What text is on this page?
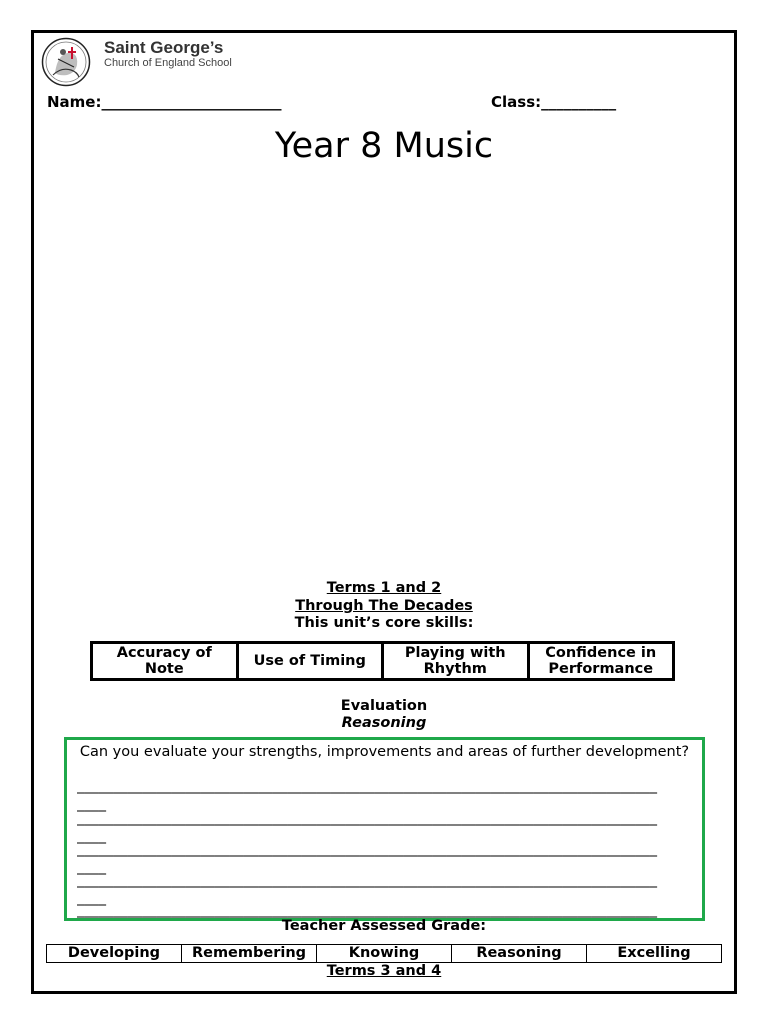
Saint George’s
Church of England School
Name:________________________	Class:__________
Year 8 Music
Terms 1 and 2
Through The Decades
This unit’s core skills:
Accuracy of Note	Use of Timing	Playing with Rhythm	Confidence in Performance
Evaluation
Reasoning
Can you evaluate your strengths, improvements and areas of further development?
________________________________________________________________________________
____
________________________________________________________________________________
____
________________________________________________________________________________
____
________________________________________________________________________________
____
________________________________________________________________________________
Teacher Assessed Grade:
Developing	Remembering	Knowing	Reasoning	Excelling
Terms 3 and 4
